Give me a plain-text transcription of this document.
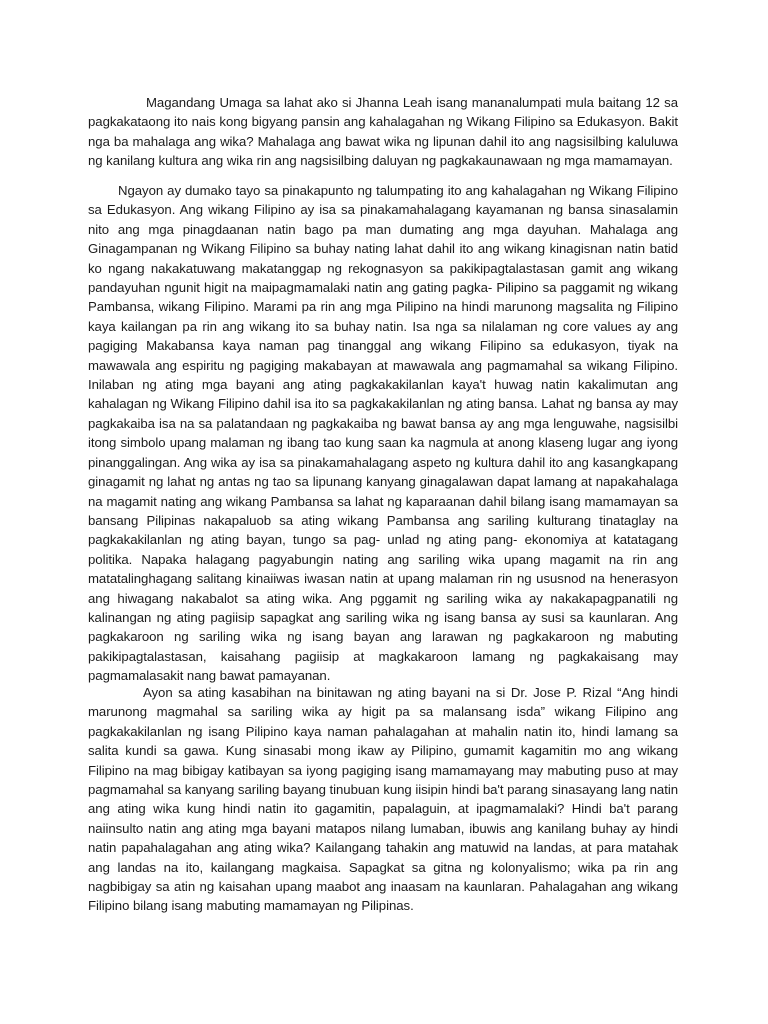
Magandang Umaga sa lahat ako si Jhanna Leah isang mananalumpati mula baitang 12 sa pagkakataong ito nais kong bigyang pansin ang kahalagahan ng Wikang Filipino sa Edukasyon. Bakit nga ba mahalaga ang wika? Mahalaga ang bawat wika ng lipunan dahil ito ang nagsisilbing kaluluwa ng kanilang kultura ang wika rin ang nagsisilbing daluyan ng pagkakaunawaan ng mga mamamayan.

Ngayon ay dumako tayo sa pinakapunto ng talumpating ito ang kahalagahan ng Wikang Filipino sa Edukasyon. Ang wikang Filipino ay isa sa pinakamahalagang kayamanan ng bansa sinasalamin nito ang mga pinagdaanan natin bago pa man dumating ang mga dayuhan. Mahalaga ang Ginagampanan ng Wikang Filipino sa buhay nating lahat dahil ito ang wikang kinagisnan natin batid ko ngang nakakatuwang makatanggap ng rekognasyon sa pakikipagtalastasan gamit ang wikang pandayuhan ngunit higit na maipagmamalaki natin ang gating pagka- Pilipino sa paggamit ng wikang Pambansa, wikang Filipino. Marami pa rin ang mga Pilipino na hindi marunong magsalita ng Filipino kaya kailangan pa rin ang wikang ito sa buhay natin. Isa nga sa nilalaman ng core values ay ang pagiging Makabansa kaya naman pag tinanggal ang wikang Filipino sa edukasyon, tiyak na mawawala ang espiritu ng pagiging makabayan at mawawala ang pagmamahal sa wikang Filipino. Inilaban ng ating mga bayani ang ating pagkakakilanlan kaya't huwag natin kakalimutan ang kahalagan ng Wikang Filipino dahil isa ito sa pagkakakilanlan ng ating bansa. Lahat ng bansa ay may pagkakaiba isa na sa palatandaan ng pagkakaiba ng bawat bansa ay ang mga lenguwahe, nagsisilbi itong simbolo upang malaman ng ibang tao kung saan ka nagmula at anong klaseng lugar ang iyong pinanggalingan. Ang wika ay isa sa pinakamahalagang aspeto ng kultura dahil ito ang kasangkapang ginagamit ng lahat ng antas ng tao sa lipunang kanyang ginagalawan dapat lamang at napakahalaga na magamit nating ang wikang Pambansa sa lahat ng kaparaanan dahil bilang isang mamamayan sa bansang Pilipinas nakapaluob sa ating wikang Pambansa ang sariling kulturang tinataglay na pagkakakilanlan ng ating bayan, tungo sa pag- unlad ng ating pang- ekonomiya at katatagang politika. Napaka halagang pagyabungin nating ang sariling wika upang magamit na rin ang matatalinghagang salitang kinaiiwas iwasan natin at upang malaman rin ng ususnod na henerasyon ang hiwagang nakabalot sa ating wika. Ang pggamit ng sariling wika ay nakakapagpanatili ng kalinangan ng ating pagiisip sapagkat ang sariling wika ng isang bansa ay susi sa kaunlaran. Ang pagkakaroon ng sariling wika ng isang bayan ang larawan ng pagkakaroon ng mabuting pakikipagtalastasan, kaisahang pagiisip at magkakaroon lamang ng pagkakaisang may pagmamalasakit nang bawat pamayanan.

Ayon sa ating kasabihan na binitawan ng ating bayani na si Dr. Jose P. Rizal “Ang hindi marunong magmahal sa sariling wika ay higit pa sa malansang isda” wikang Filipino ang pagkakakilanlan ng isang Pilipino kaya naman pahalagahan at mahalin natin ito, hindi lamang sa salita kundi sa gawa. Kung sinasabi mong ikaw ay Pilipino, gumamit kagamitin mo ang wikang Filipino na mag bibigay katibayan sa iyong pagiging isang mamamayang may mabuting puso at may pagmamahal sa kanyang sariling bayang tinubuan kung iisipin hindi ba't parang sinasayang lang natin ang ating wika kung hindi natin ito gagamitin, papalaguin, at ipagmamalaki? Hindi ba't parang naiinsulto natin ang ating mga bayani matapos nilang lumaban, ibuwis ang kanilang buhay ay hindi natin papahalagahan ang ating wika? Kailangang tahakin ang matuwid na landas, at para matahak ang landas na ito, kailangang magkaisa. Sapagkat sa gitna ng kolonyalismo; wika pa rin ang nagbibigay sa atin ng kaisahan upang maabot ang inaasam na kaunlaran. Pahalagahan ang wikang Filipino bilang isang mabuting mamamayan ng Pilipinas.
